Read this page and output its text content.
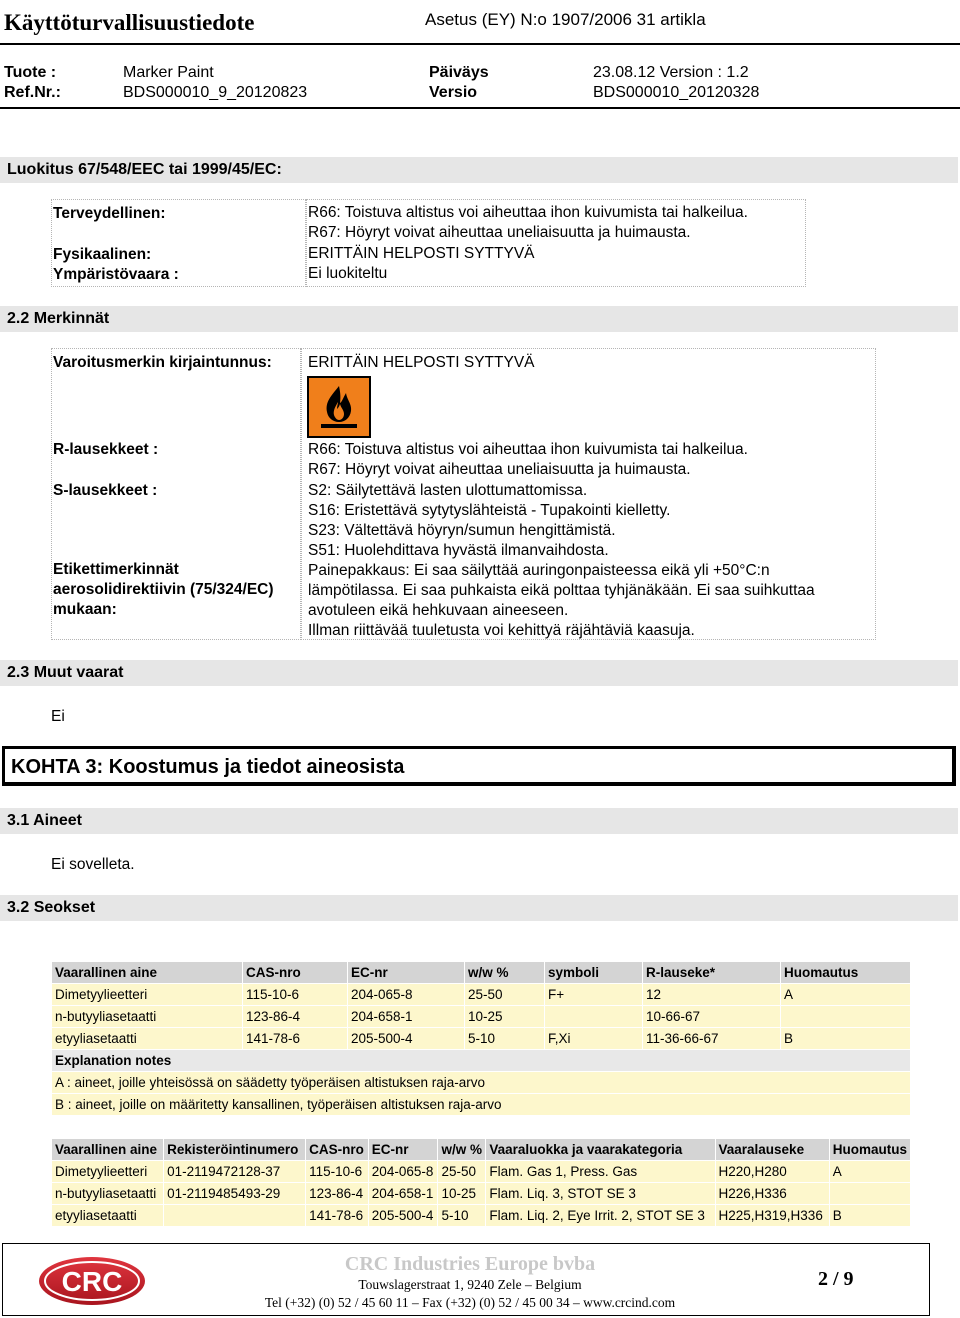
Käyttöturvallisuustiedote	Asetus (EY) N:o 1907/2006 31 artikla
Tuote :	Marker Paint	Päiväys	23.08.12 Version : 1.2
Ref.Nr.:	BDS000010_9_20120823	Versio	BDS000010_20120328
Luokitus 67/548/EEC tai 1999/45/EC:
Terveydellinen:	R66: Toistuva altistus voi aiheuttaa ihon kuivumista tai halkeilua.
R67: Höyryt voivat aiheuttaa uneliaisuutta ja huimausta.
Fysikaalinen:	ERITTÄIN HELPOSTI SYTTYVÄ
Ympäristövaara :	Ei luokiteltu
2.2 Merkinnät
Varoitusmerkin kirjaintunnus: ERITTÄIN HELPOSTI SYTTYVÄ
R-lausekkeet :	R66: Toistuva altistus voi aiheuttaa ihon kuivumista tai halkeilua.
R67: Höyryt voivat aiheuttaa uneliaisuutta ja huimausta.
S-lausekkeet :	S2: Säilytettävä lasten ulottumattomissa.
S16: Eristettävä sytytyslähteistä - Tupakointi kielletty.
S23: Vältettävä höyryn/sumun hengittämistä.
S51: Huolehdittava hyvästä ilmanvaihdosta.
Etikettimerkinnät
aerosolidirektiivin (75/324/EC)
mukaan:
Painepakkaus: Ei saa säilyttää auringonpaisteessa eikä yli +50°C:n
lämpötilassa. Ei saa puhkaista eikä polttaa tyhjänäkään. Ei saa suihkuttaa
avotuleen eikä hehkuvaan aineeseen.
Illman riittävää tuuletusta voi kehittyä räjähtäviä kaasuja.
2.3 Muut vaarat
Ei
KOHTA 3: Koostumus ja tiedot aineosista
3.1 Aineet
Ei sovelleta.
3.2 Seokset
Vaarallinen aine	CAS-nro	EC-nr	w/w %	symboli	R-lauseke*	Huomautus
Dimetyylieetteri	115-10-6	204-065-8	25-50	F+	12	A
n-butyyliasetaatti	123-86-4	204-658-1	10-25		10-66-67	
etyyliasetaatti	141-78-6	205-500-4	5-10	F,Xi	11-36-66-67	B
Explanation notes						
A : aineet, joille yhteisössä on säädetty työperäisen altistuksen raja-arvo						
B : aineet, joille on määritetty kansallinen, työperäisen altistuksen raja-arvo						
Vaarallinen aine	Rekisteröintinumero	CAS-nro	EC-nr	w/w %	Vaaraluokka ja vaarakategoria	Vaaralauseke	Huomautus
Dimetyylieetteri	01-2119472128-37	115-10-6	204-065-8	25-50	Flam. Gas 1, Press. Gas	H220,H280	A
n-butyyliasetaatti	01-2119485493-29	123-86-4	204-658-1	10-25	Flam. Liq. 3, STOT SE 3	H226,H336	
etyyliasetaatti		141-78-6	205-500-4	5-10	Flam. Liq. 2, Eye Irrit. 2, STOT SE 3	H225,H319,H336	B
CRC
CRC Industries Europe bvba
Touwslagerstraat 1, 9240 Zele – Belgium
Tel (+32) (0) 52 / 45 60 11 – Fax (+32) (0) 52 / 45 00 34 – www.crcind.com
2 / 9
